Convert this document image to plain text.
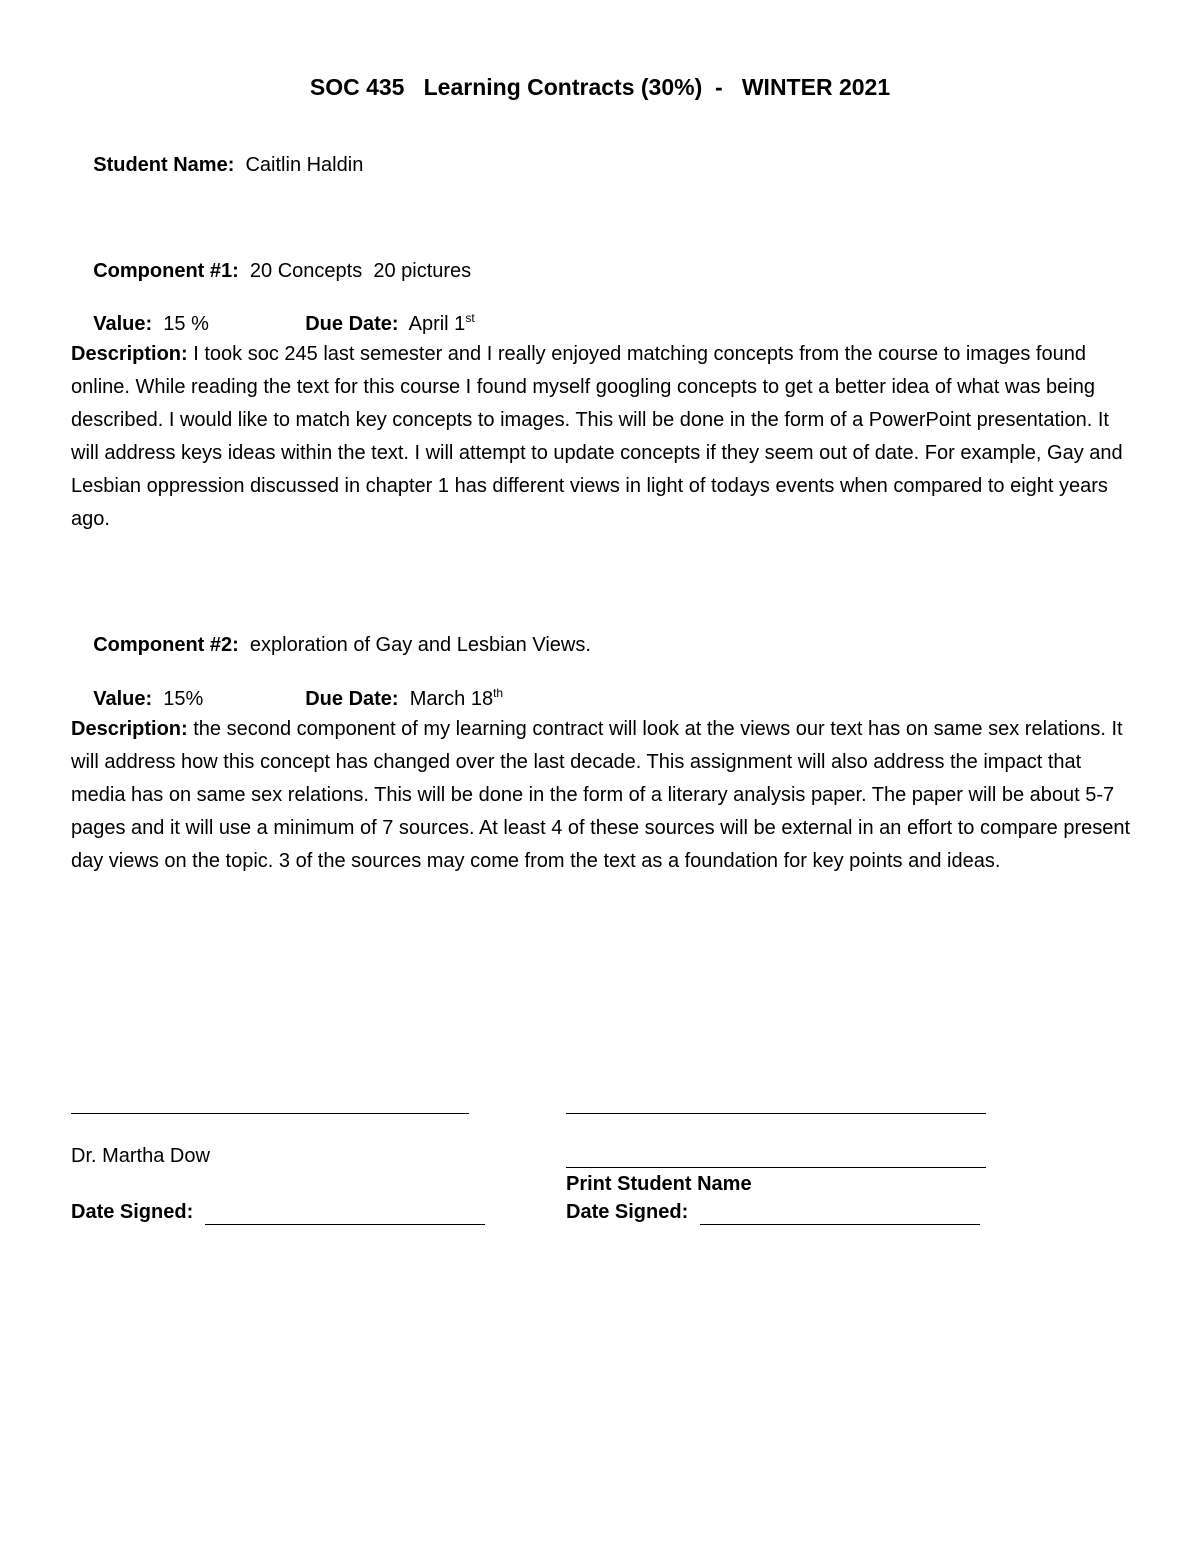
SOC 435   Learning Contracts (30%)  -   WINTER 2021

Student Name: Caitlin Haldin

Component #1: 20 Concepts  20 pictures

Value: 15 %
	Due Date: April 1st

Description: I took soc 245 last semester and I really enjoyed matching concepts from the course to images found online. While reading the text for this course I found myself googling concepts to get a better idea of what was being described. I would like to match key concepts to images. This will be done in the form of a PowerPoint presentation. It will address keys ideas within the text. I will attempt to update concepts if they seem out of date. For example, Gay and Lesbian oppression discussed in chapter 1 has different views in light of todays events when compared to eight years ago.

Component #2: exploration of Gay and Lesbian Views.

Value: 15%
	Due Date: March 18th

Description: the second component of my learning contract will look at the views our text has on same sex relations. It will address how this concept has changed over the last decade. This assignment will also address the impact that media has on same sex relations. This will be done in the form of a literary analysis paper. The paper will be about 5-7 pages and it will use a minimum of 7 sources. At least 4 of these sources will be external in an effort to compare present day views on the topic. 3 of the sources may come from the text as a foundation for key points and ideas.
Dr. Martha Dow
Print Student Name
Date Signed:	Date Signed:
